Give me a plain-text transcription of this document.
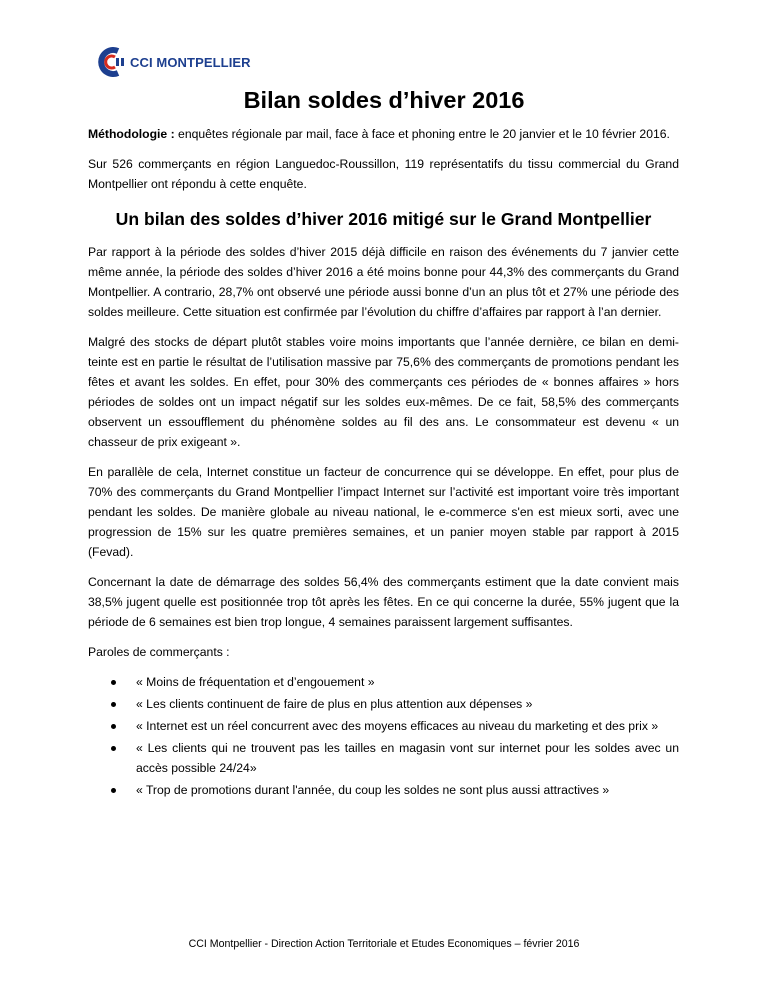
CCI MONTPELLIER
Bilan soldes d’hiver 2016

Méthodologie : enquêtes régionale par mail, face à face et phoning entre le 20 janvier et le 10 février 2016.

Sur 526 commerçants en région Languedoc-Roussillon, 119 représentatifs du tissu commercial du Grand Montpellier ont répondu à cette enquête.

Un bilan des soldes d’hiver 2016 mitigé sur le Grand Montpellier

Par rapport à la période des soldes d’hiver 2015 déjà difficile en raison des événements du 7 janvier cette même année, la période des soldes d’hiver 2016 a été moins bonne pour 44,3% des commerçants du Grand Montpellier. A contrario, 28,7% ont observé une période aussi bonne d’un an plus tôt et 27% une période des soldes meilleure. Cette situation est confirmée par l’évolution du chiffre d’affaires par rapport à l’an dernier.

Malgré des stocks de départ plutôt stables voire moins importants que l’année dernière, ce bilan en demi-teinte est en partie le résultat de l’utilisation massive par 75,6% des commerçants de promotions pendant les fêtes et avant les soldes. En effet, pour 30% des commerçants ces périodes de « bonnes affaires » hors périodes de soldes ont un impact négatif sur les soldes eux-mêmes. De ce fait, 58,5% des commerçants observent un essoufflement du phénomène soldes au fil des ans. Le consommateur est devenu « un chasseur de prix exigeant ».

En parallèle de cela, Internet constitue un facteur de concurrence qui se développe. En effet, pour plus de 70% des commerçants du Grand Montpellier l’impact Internet sur l’activité est important voire très important pendant les soldes. De manière globale au niveau national, le e-commerce s'en est mieux sorti, avec une progression de 15% sur les quatre premières semaines, et un panier moyen stable par rapport à 2015 (Fevad).

Concernant la date de démarrage des soldes 56,4% des commerçants estiment que la date convient mais 38,5% jugent quelle est positionnée trop tôt après les fêtes. En ce qui concerne la durée, 55% jugent que la période de 6 semaines est bien trop longue, 4 semaines paraissent largement suffisantes.

Paroles de commerçants :

« Moins de fréquentation et d’engouement »
« Les clients continuent de faire de plus en plus attention aux dépenses »
« Internet est un réel concurrent avec des moyens efficaces au niveau du marketing et des prix »
« Les clients qui ne trouvent pas les tailles en magasin vont sur internet pour les soldes avec un accès possible 24/24»
« Trop de promotions durant l'année, du coup les soldes ne sont plus aussi attractives »
CCI Montpellier - Direction Action Territoriale et Etudes Economiques – février 2016
